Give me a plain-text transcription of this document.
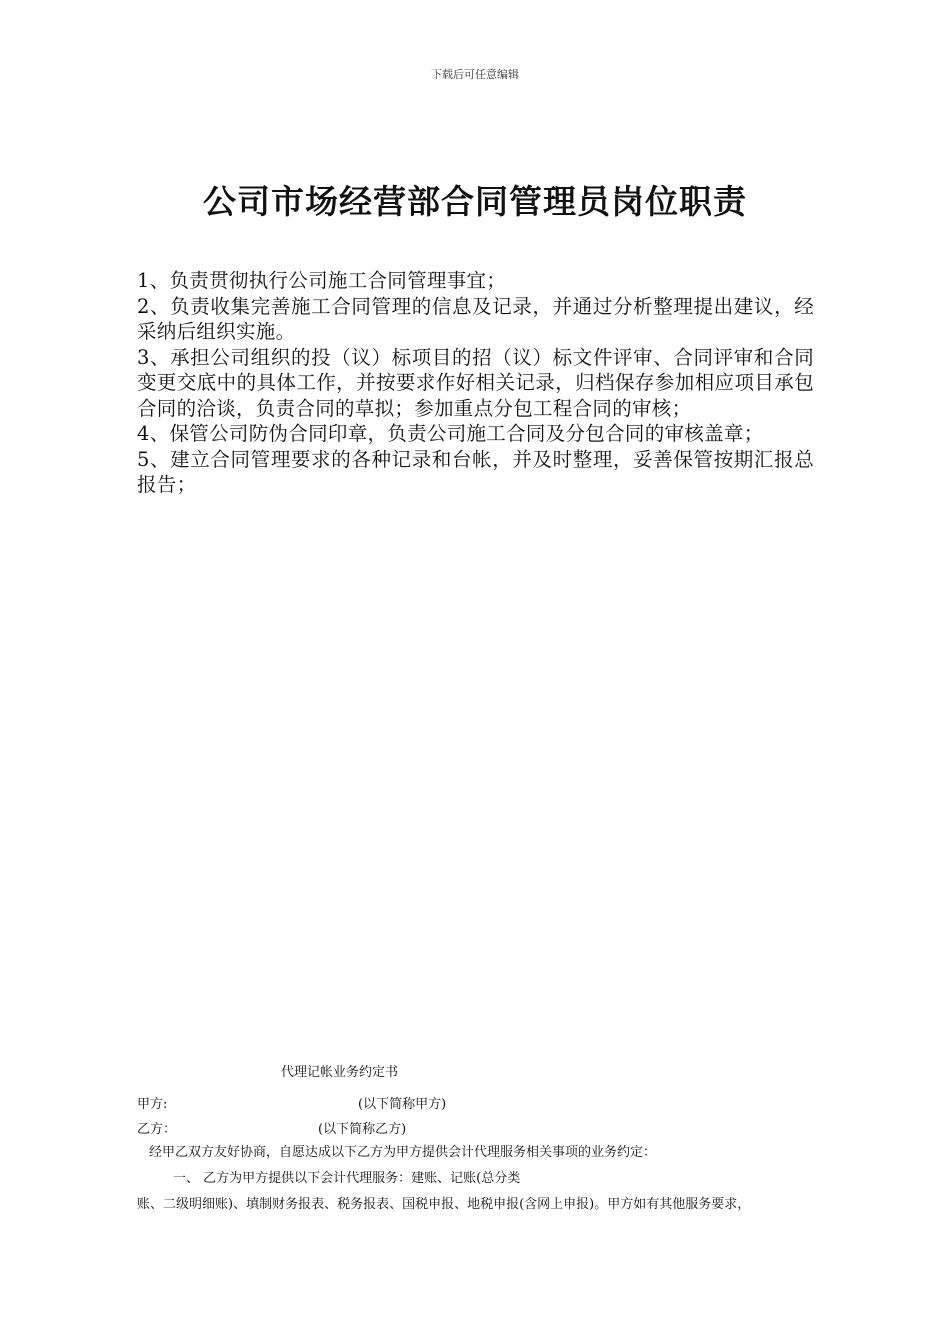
下载后可任意编辑
公司市场经营部合同管理员岗位职责

1、负责贯彻执行公司施工合同管理事宜；

2、负责收集完善施工合同管理的信息及记录，并通过分析整理提出建议，经采纳后组织实施。

3、承担公司组织的投（议）标项目的招（议）标文件评审、合同评审和合同变更交底中的具体工作，并按要求作好相关记录，归档保存参加相应项目承包合同的洽谈，负责合同的草拟；参加重点分包工程合同的审核；

4、保管公司防伪合同印章，负责公司施工合同及分包合同的审核盖章；

5、建立合同管理要求的各种记录和台帐，并及时整理，妥善保管按期汇报总报告；

代理记帐业务约定书
甲方:	(以下简称甲方)
乙方：	(以下简称乙方)
经甲乙双方友好协商，自愿达成以下乙方为甲方提供会计代理服务相关事项的业务约定：
一、 乙方为甲方提供以下会计代理服务：建账、记账(总分类
账、二级明细账)、填制财务报表、税务报表、国税申报、地税申报(含网上申报)。甲方如有其他服务要求，
